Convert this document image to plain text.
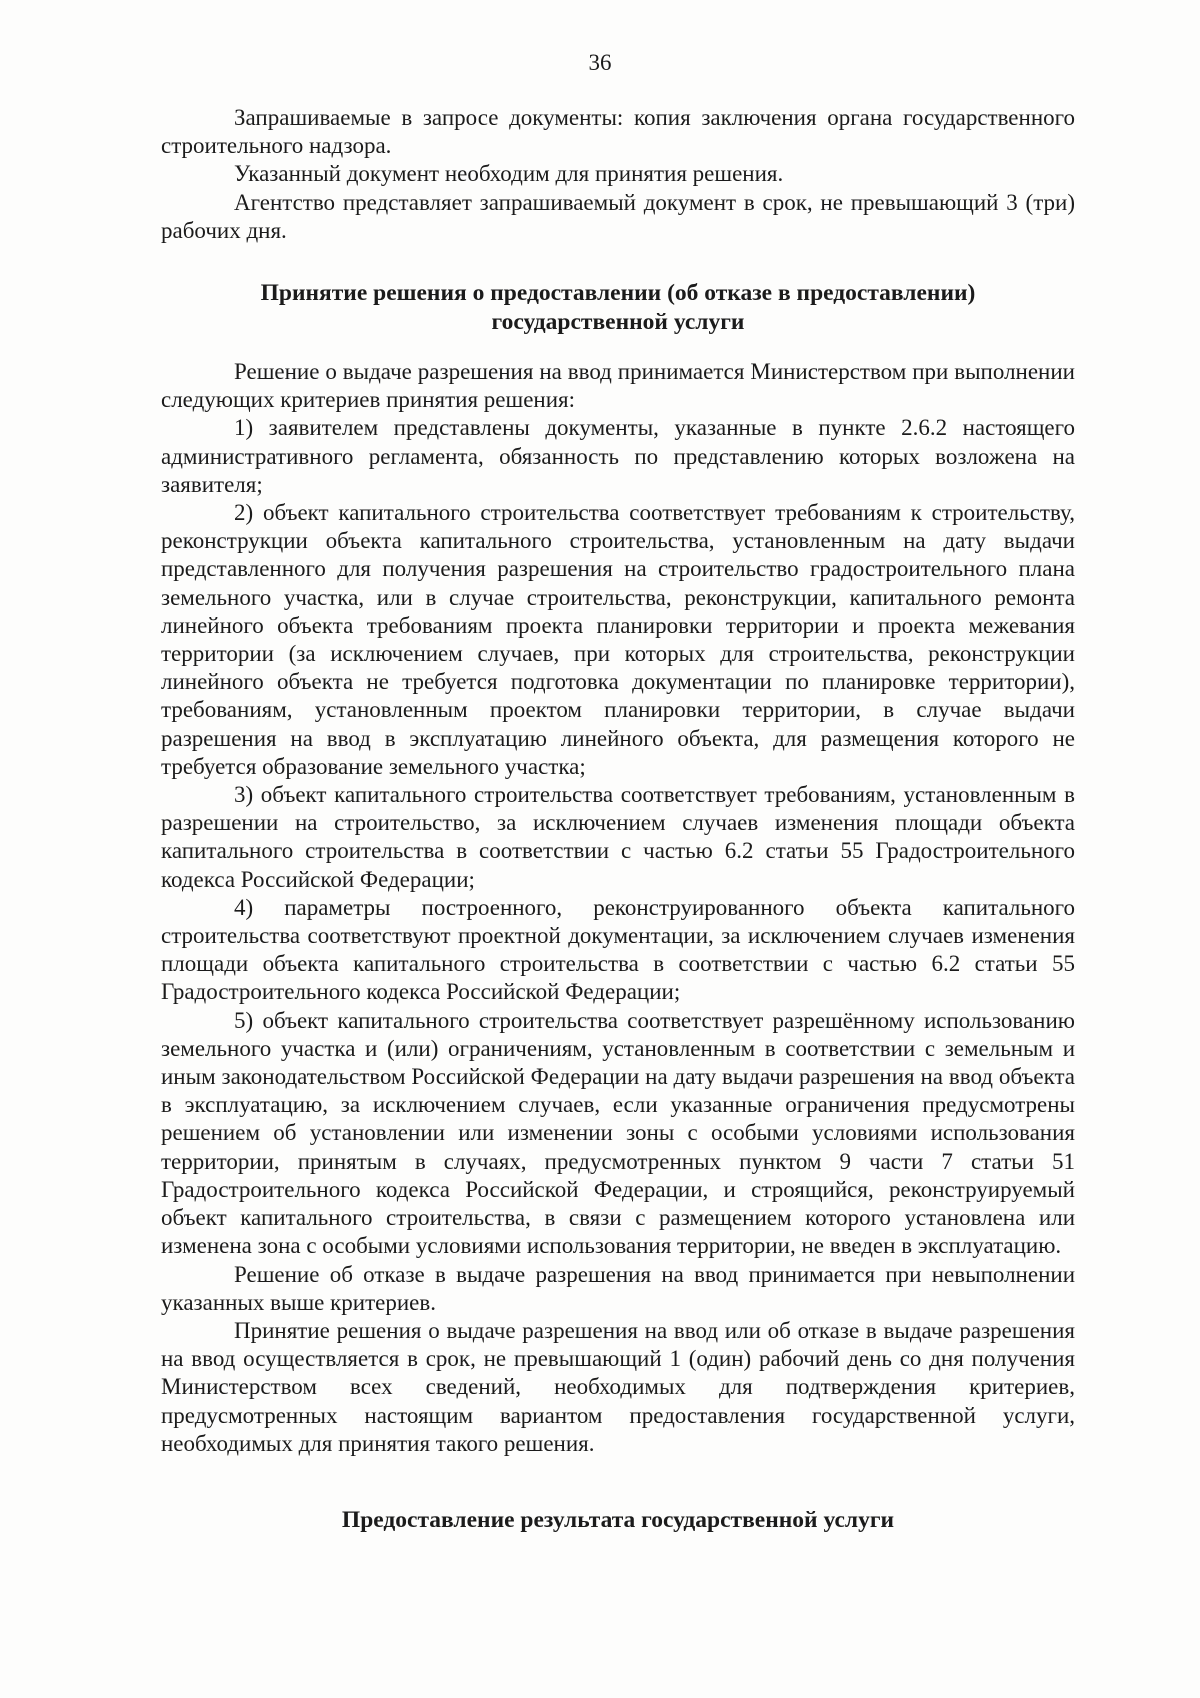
36

Запрашиваемые в запросе документы: копия заключения органа государственного строительного надзора.

Указанный документ необходим для принятия решения.

Агентство представляет запрашиваемый документ в срок, не превышающий 3 (три) рабочих дня.

Принятие решения о предоставлении (об отказе в предоставлении)
государственной услуги

Решение о выдаче разрешения на ввод принимается Министерством при выполнении следующих критериев принятия решения:

1) заявителем представлены документы, указанные в пункте 2.6.2 настоящего административного регламента, обязанность по представлению которых возложена на заявителя;

2) объект капитального строительства соответствует требованиям к строительству, реконструкции объекта капитального строительства, установленным на дату выдачи представленного для получения разрешения на строительство градостроительного плана земельного участка, или в случае строительства, реконструкции, капитального ремонта линейного объекта требованиям проекта планировки территории и проекта межевания территории (за исключением случаев, при которых для строительства, реконструкции линейного объекта не требуется подготовка документации по планировке территории), требованиям, установленным проектом планировки территории, в случае выдачи разрешения на ввод в эксплуатацию линейного объекта, для размещения которого не требуется образование земельного участка;

3) объект капитального строительства соответствует требованиям, установленным в разрешении на строительство, за исключением случаев изменения площади объекта капитального строительства в соответствии с частью 6.2 статьи 55 Градостроительного кодекса Российской Федерации;

4) параметры построенного, реконструированного объекта капитального строительства соответствуют проектной документации, за исключением случаев изменения площади объекта капитального строительства в соответствии с частью 6.2 статьи 55 Градостроительного кодекса Российской Федерации;

5) объект капитального строительства соответствует разрешённому использованию земельного участка и (или) ограничениям, установленным в соответствии с земельным и иным законодательством Российской Федерации на дату выдачи разрешения на ввод объекта в эксплуатацию, за исключением случаев, если указанные ограничения предусмотрены решением об установлении или изменении зоны с особыми условиями использования территории, принятым в случаях, предусмотренных пунктом 9 части 7 статьи 51 Градостроительного кодекса Российской Федерации, и строящийся, реконструируемый объект капитального строительства, в связи с размещением которого установлена или изменена зона с особыми условиями использования территории, не введен в эксплуатацию.

Решение об отказе в выдаче разрешения на ввод принимается при невыполнении указанных выше критериев.

Принятие решения о выдаче разрешения на ввод или об отказе в выдаче разрешения на ввод осуществляется в срок, не превышающий 1 (один) рабочий день со дня получения Министерством всех сведений, необходимых для подтверждения критериев, предусмотренных настоящим вариантом предоставления государственной услуги, необходимых для принятия такого решения.

Предоставление результата государственной услуги
